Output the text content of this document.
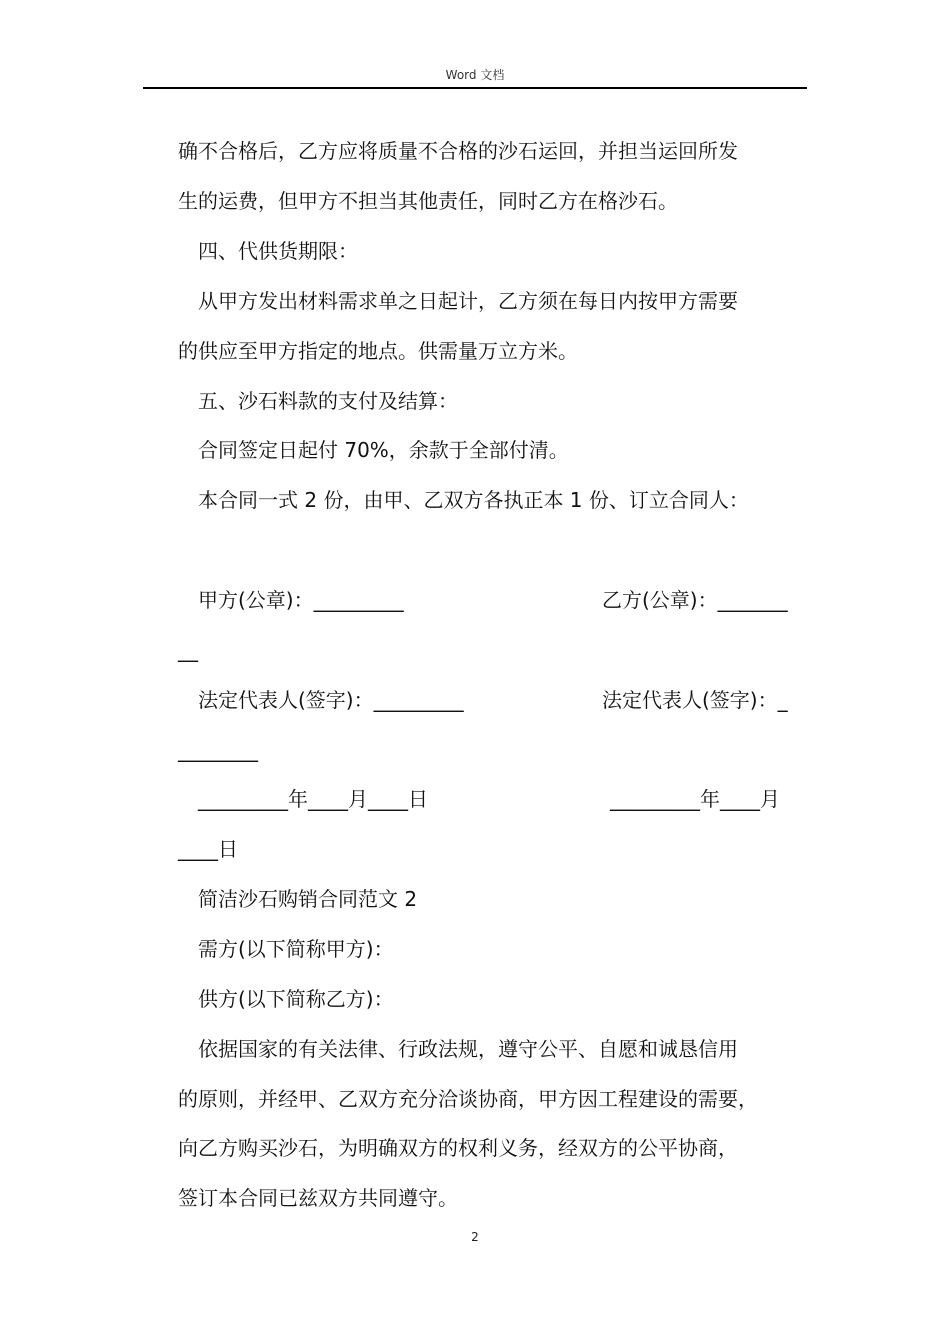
Word 文档
确不合格后，乙方应将质量不合格的沙石运回，并担当运回所发
生的运费，但甲方不担当其他责任，同时乙方在格沙石。
四、代供货期限：
从甲方发出材料需求单之日起计，乙方须在每日内按甲方需要
的供应至甲方指定的地点。供需量万立方米。
五、沙石料款的支付及结算：
合同签定日起付 70%，余款于全部付清。
本合同一式 2 份，由甲、乙双方各执正本 1 份、订立合同人：
甲方(公章)：_________	乙方(公章)：_______
__
法定代表人(签字)：_________	法定代表人(签字)：_
________
_________年____月____日	_________年____月
____日
简洁沙石购销合同范文 2
需方(以下简称甲方)：
供方(以下简称乙方)：
依据国家的有关法律、行政法规，遵守公平、自愿和诚恳信用
的原则，并经甲、乙双方充分洽谈协商，甲方因工程建设的需要，
向乙方购买沙石，为明确双方的权利义务，经双方的公平协商，
签订本合同已兹双方共同遵守。
2
